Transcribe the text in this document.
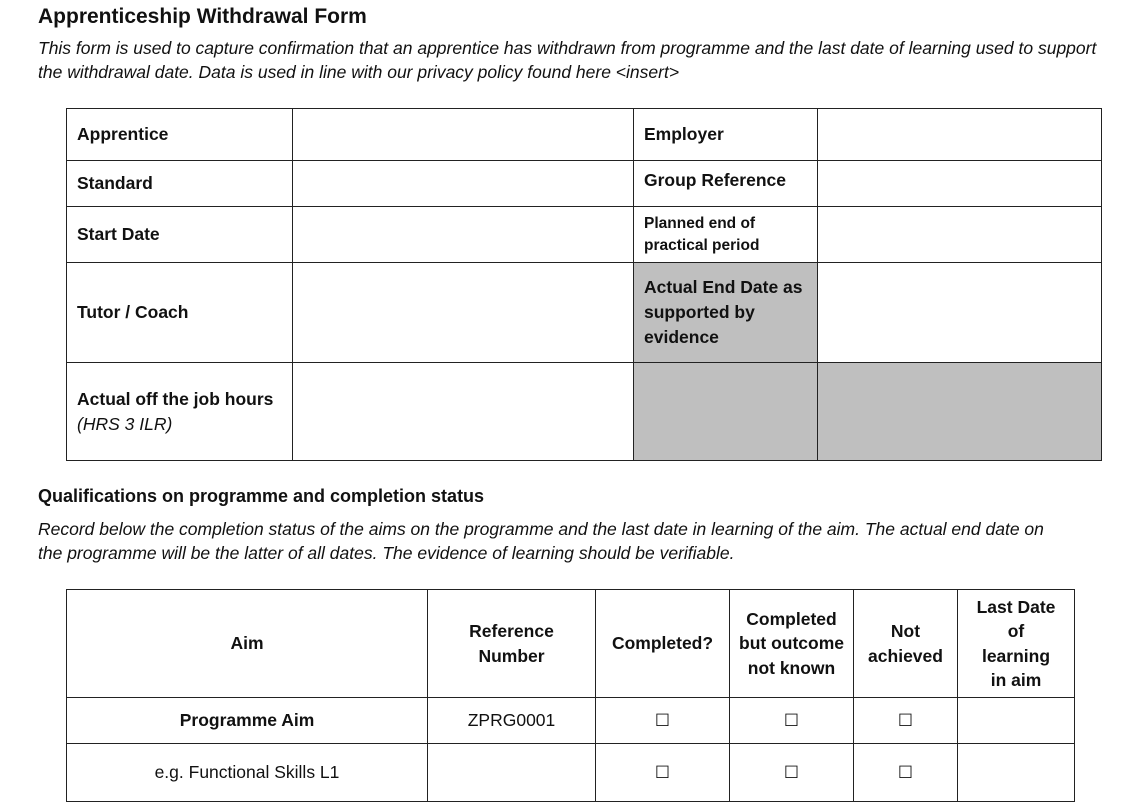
Apprenticeship Withdrawal Form
This form is used to capture confirmation that an apprentice has withdrawn from programme and the last date of learning used to support the withdrawal date. Data is used in line with our privacy policy found here <insert>
Apprentice		Employer	
Standard		Group Reference	
Start Date		Planned end of practical period	
Tutor / Coach		Actual End Date as supported by evidence	
Actual off the job hours (HRS 3 ILR)			
Qualifications on programme and completion status
Record below the completion status of the aims on the programme and the last date in learning of the aim. The actual end date on the programme will be the latter of all dates. The evidence of learning should be verifiable.
Aim	Reference Number	Completed?	Completed but outcome not known	Not achieved	Last Date of learning in aim
Programme Aim	ZPRG0001	☐	☐	☐	
e.g. Functional Skills L1		☐	☐	☐	
